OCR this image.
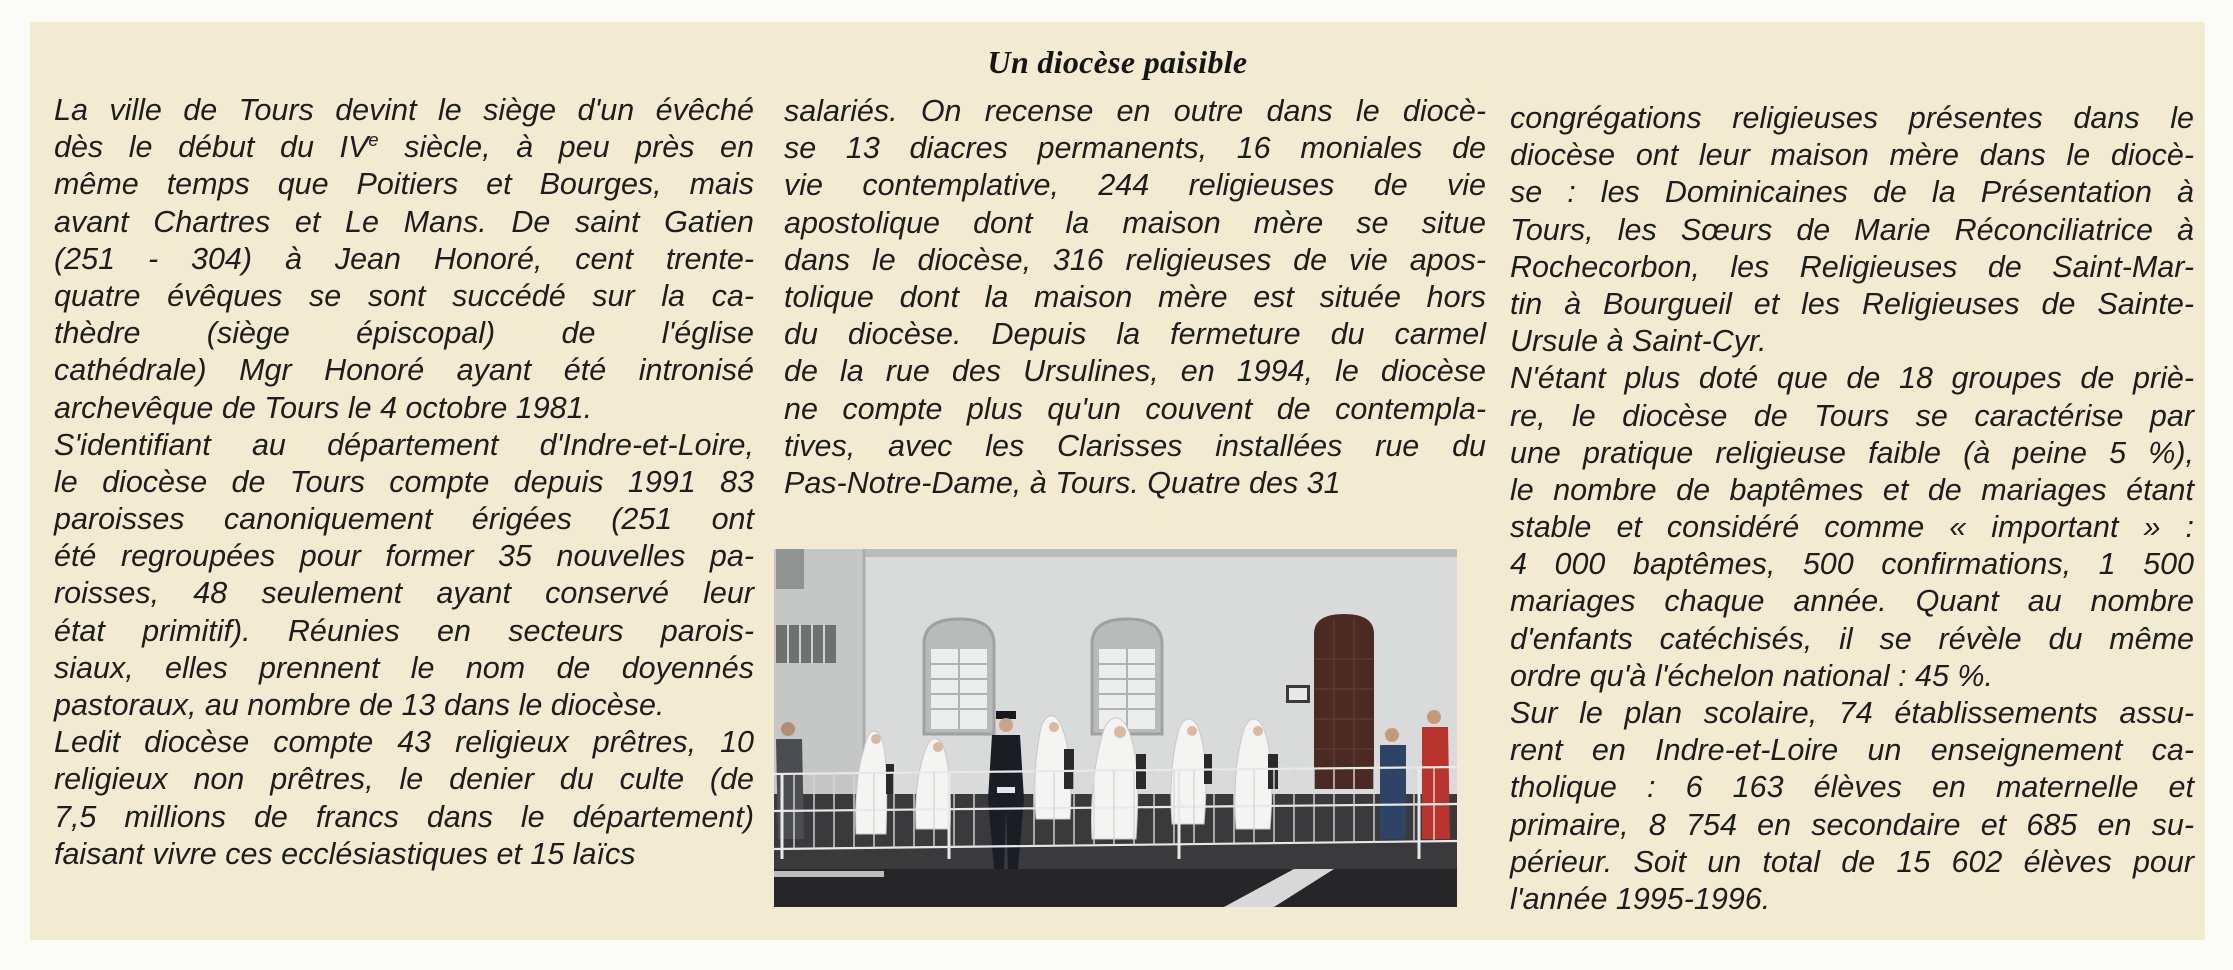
Un diocèse paisible
La ville de Tours devint le siège d'un évêché
dès le début du IVe siècle, à peu près en
même temps que Poitiers et Bourges, mais
avant Chartres et Le Mans. De saint Gatien
(251 - 304) à Jean Honoré, cent trente-
quatre évêques se sont succédé sur la ca-
thèdre (siège épiscopal) de l'église
cathédrale) Mgr Honoré ayant été intronisé
archevêque de Tours le 4 octobre 1981.
S'identifiant au département d'Indre-et-Loire,
le diocèse de Tours compte depuis 1991 83
paroisses canoniquement érigées (251 ont
été regroupées pour former 35 nouvelles pa-
roisses, 48 seulement ayant conservé leur
état primitif). Réunies en secteurs parois-
siaux, elles prennent le nom de doyennés
pastoraux, au nombre de 13 dans le diocèse.
Ledit diocèse compte 43 religieux prêtres, 10
religieux non prêtres, le denier du culte (de
7,5 millions de francs dans le département)
faisant vivre ces ecclésiastiques et 15 laïcs
salariés. On recense en outre dans le diocè-
se 13 diacres permanents, 16 moniales de
vie contemplative, 244 religieuses de vie
apostolique dont la maison mère se situe
dans le diocèse, 316 religieuses de vie apos-
tolique dont la maison mère est située hors
du diocèse. Depuis la fermeture du carmel
de la rue des Ursulines, en 1994, le diocèse
ne compte plus qu'un couvent de contempla-
tives, avec les Clarisses installées rue du
Pas-Notre-Dame, à Tours. Quatre des 31
congrégations religieuses présentes dans le
diocèse ont leur maison mère dans le diocè-
se : les Dominicaines de la Présentation à
Tours, les Sœurs de Marie Réconciliatrice à
Rochecorbon, les Religieuses de Saint-Mar-
tin à Bourgueil et les Religieuses de Sainte-
Ursule à Saint-Cyr.
N'étant plus doté que de 18 groupes de priè-
re, le diocèse de Tours se caractérise par
une pratique religieuse faible (à peine 5 %),
le nombre de baptêmes et de mariages étant
stable et considéré comme « important » :
4 000 baptêmes, 500 confirmations, 1 500
mariages chaque année. Quant au nombre
d'enfants catéchisés, il se révèle du même
ordre qu'à l'échelon national : 45 %.
Sur le plan scolaire, 74 établissements assu-
rent en Indre-et-Loire un enseignement ca-
tholique : 6 163 élèves en maternelle et
primaire, 8 754 en secondaire et 685 en su-
périeur. Soit un total de 15 602 élèves pour
l'année 1995-1996.
